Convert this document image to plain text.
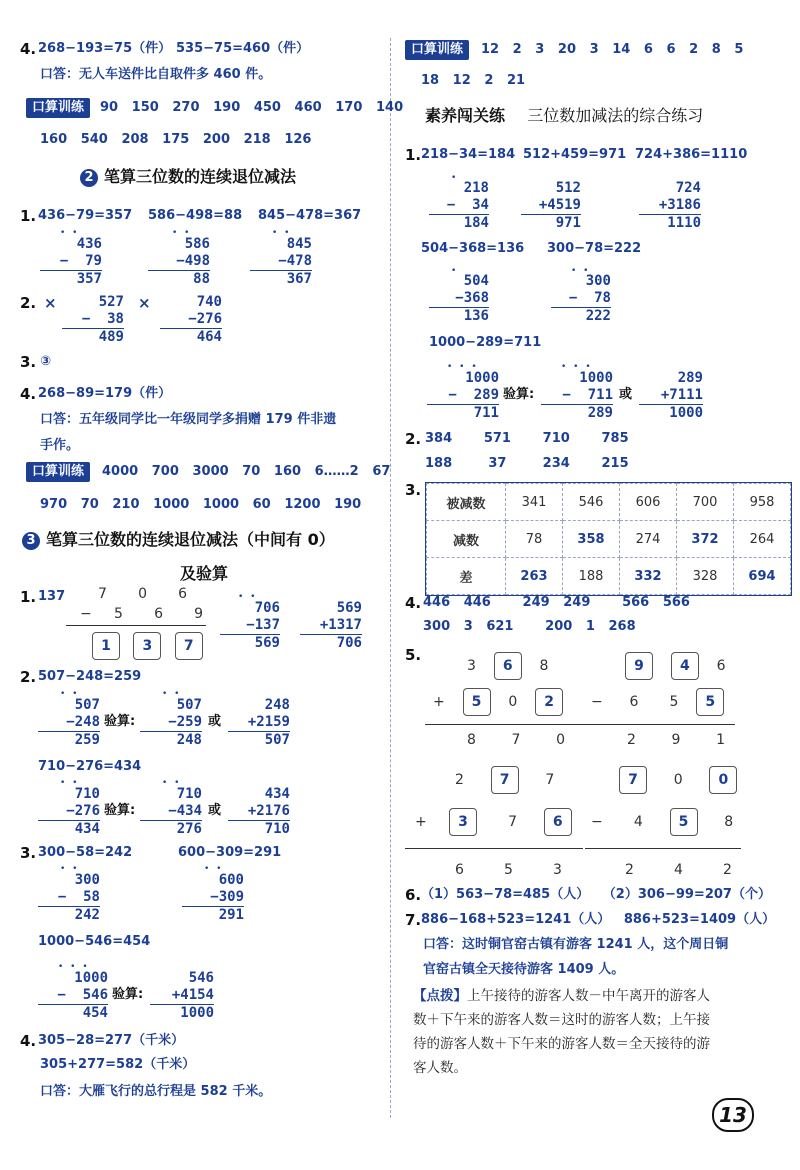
4. 268−193=75（件） 535−75=460（件）
口答：无人车送件比自取件多 460 件。
口算训练	90 150 270 190 450 460 170 140
160 540 208 175 200 218 126
2 笔算三位数的连续退位减法
1. 436−79=357 586−498=88 845−478=367
• •
436
−  79
357
• •
586
−498
88
• •
845
−478
367
2. ×	527
−  38
489
×	740
−276
464
3. ③
4. 268−89=179（件）
口答：五年级同学比一年级同学多捐赠 179 件非遗
手作。
口算训练	4000 700 3000 70 160 6……2 67
970 70 210 1000 1000 60 1200 190
3 笔算三位数的连续退位减法（中间有 0）
及验算
1. 137 7 0 6
− 5 6 9
1 3 7
• •
706
−137
569
569
+1317
706
2. 507−248=259
• •
507
−248
259
验算:
• •
507
−259
248
或
248
+2159
507
710−276=434
• •
710
−276
434
验算:
• •
710
−434
276
或
434
+2176
710
3. 300−58=242	600−309=291
• •
300
−  58
242
• •
600
−309
291
1000−546=454
• • •
1000
−  546
454
验算:
546
+4154
1000
4. 305−28=277（千米）
305+277=582（千米）
口答：大雁飞行的总行程是 582 千米。
口算训练	12 2 3 20 3 14 6 6 2 8 5
18 12 2 21
素养闯关练 三位数加减法的综合练习
1. 218−34=184 512+459=971 724+386=1110
•
218
−  34
184
512
+4519
971
724
+3186
1110
504−368=136 300−78=222
•
504
−368
136
• •
300
−  78
222
1000−289=711
• • •
1000
−  289
711
验算:
• • •
1000
−  711
289
或
289
+7111
1000
2. 384 571 710 785
188	37	234 215
3.
被减数	341	546	606	700	958
减数	78	358	274	372	264
差	263	188	332	328	694
4. 446 446 249 249 566 566
300 3 621 200 1 268
5.
3 6 8
+ 5 0 2
8	7	0
9	4 6
− 6 5 5
2	9	1
2	7	7
+ 3	7	6
6	5	3
7	0	0
− 4	5	8
2	4	2
6. （1）563−78=485（人）   （2）306−99=207（个）
7. 886−168+523=1241（人）   886+523=1409（人）
口答：这时铜官窑古镇有游客 1241 人，这个周日铜
官窑古镇全天接待游客 1409 人。
【点拨】上午接待的游客人数－中午离开的游客人
数＋下午来的游客人数＝这时的游客人数；上午接
待的游客人数＋下午来的游客人数＝全天接待的游
客人数。
13
